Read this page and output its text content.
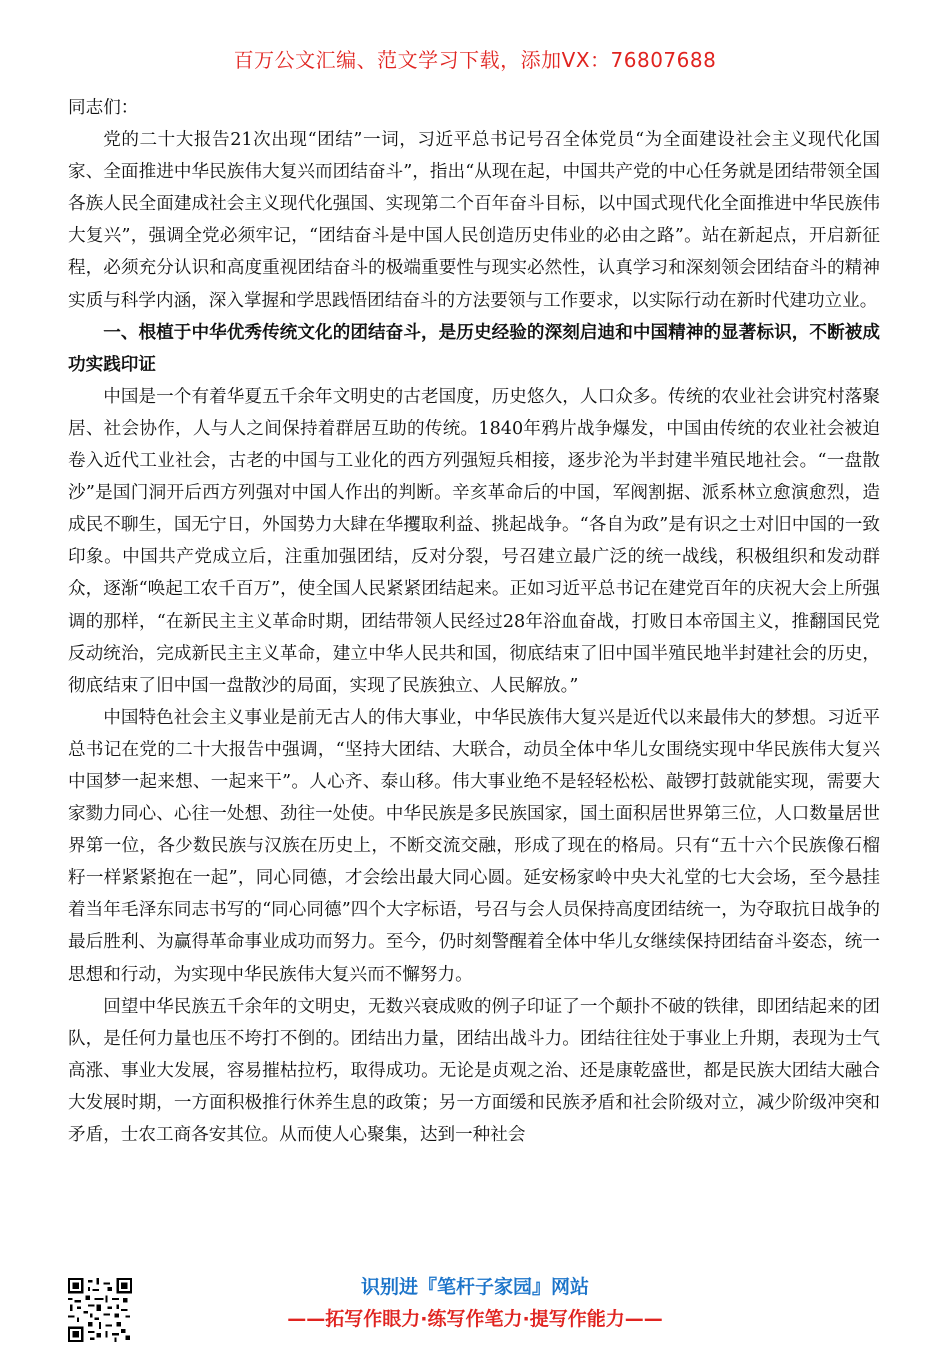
百万公文汇编、范文学习下载，添加VX：76807688

同志们：

党的二十大报告21次出现“团结”一词，习近平总书记号召全体党员“为全面建设社会主义现代化国家、全面推进中华民族伟大复兴而团结奋斗”，指出“从现在起，中国共产党的中心任务就是团结带领全国各族人民全面建成社会主义现代化强国、实现第二个百年奋斗目标，以中国式现代化全面推进中华民族伟大复兴”，强调全党必须牢记，“团结奋斗是中国人民创造历史伟业的必由之路”。站在新起点，开启新征程，必须充分认识和高度重视团结奋斗的极端重要性与现实必然性，认真学习和深刻领会团结奋斗的精神实质与科学内涵，深入掌握和学思践悟团结奋斗的方法要领与工作要求，以实际行动在新时代建功立业。

一、根植于中华优秀传统文化的团结奋斗，是历史经验的深刻启迪和中国精神的显著标识，不断被成功实践印证

中国是一个有着华夏五千余年文明史的古老国度，历史悠久，人口众多。传统的农业社会讲究村落聚居、社会协作，人与人之间保持着群居互助的传统。1840年鸦片战争爆发，中国由传统的农业社会被迫卷入近代工业社会，古老的中国与工业化的西方列强短兵相接，逐步沦为半封建半殖民地社会。“一盘散沙”是国门洞开后西方列强对中国人作出的判断。辛亥革命后的中国，军阀割据、派系林立愈演愈烈，造成民不聊生，国无宁日，外国势力大肆在华攫取利益、挑起战争。“各自为政”是有识之士对旧中国的一致印象。中国共产党成立后，注重加强团结，反对分裂，号召建立最广泛的统一战线，积极组织和发动群众，逐渐“唤起工农千百万”，使全国人民紧紧团结起来。正如习近平总书记在建党百年的庆祝大会上所强调的那样，“在新民主主义革命时期，团结带领人民经过28年浴血奋战，打败日本帝国主义，推翻国民党反动统治，完成新民主主义革命，建立中华人民共和国，彻底结束了旧中国半殖民地半封建社会的历史，彻底结束了旧中国一盘散沙的局面，实现了民族独立、人民解放。”

中国特色社会主义事业是前无古人的伟大事业，中华民族伟大复兴是近代以来最伟大的梦想。习近平总书记在党的二十大报告中强调，“坚持大团结、大联合，动员全体中华儿女围绕实现中华民族伟大复兴中国梦一起来想、一起来干”。人心齐、泰山移。伟大事业绝不是轻轻松松、敲锣打鼓就能实现，需要大家勠力同心、心往一处想、劲往一处使。中华民族是多民族国家，国土面积居世界第三位，人口数量居世界第一位，各少数民族与汉族在历史上，不断交流交融，形成了现在的格局。只有“五十六个民族像石榴籽一样紧紧抱在一起”，同心同德，才会绘出最大同心圆。延安杨家岭中央大礼堂的七大会场，至今悬挂着当年毛泽东同志书写的“同心同德”四个大字标语，号召与会人员保持高度团结统一，为夺取抗日战争的最后胜利、为赢得革命事业成功而努力。至今，仍时刻警醒着全体中华儿女继续保持团结奋斗姿态，统一思想和行动，为实现中华民族伟大复兴而不懈努力。

回望中华民族五千余年的文明史，无数兴衰成败的例子印证了一个颠扑不破的铁律，即团结起来的团队，是任何力量也压不垮打不倒的。团结出力量，团结出战斗力。团结往往处于事业上升期，表现为士气高涨、事业大发展，容易摧枯拉朽，取得成功。无论是贞观之治、还是康乾盛世，都是民族大团结大融合大发展时期，一方面积极推行休养生息的政策；另一方面缓和民族矛盾和社会阶级对立，减少阶级冲突和矛盾，士农工商各安其位。从而使人心聚集，达到一种社会

识别进『笔杆子家园』网站
——拓写作眼力·练写作笔力·提写作能力——
